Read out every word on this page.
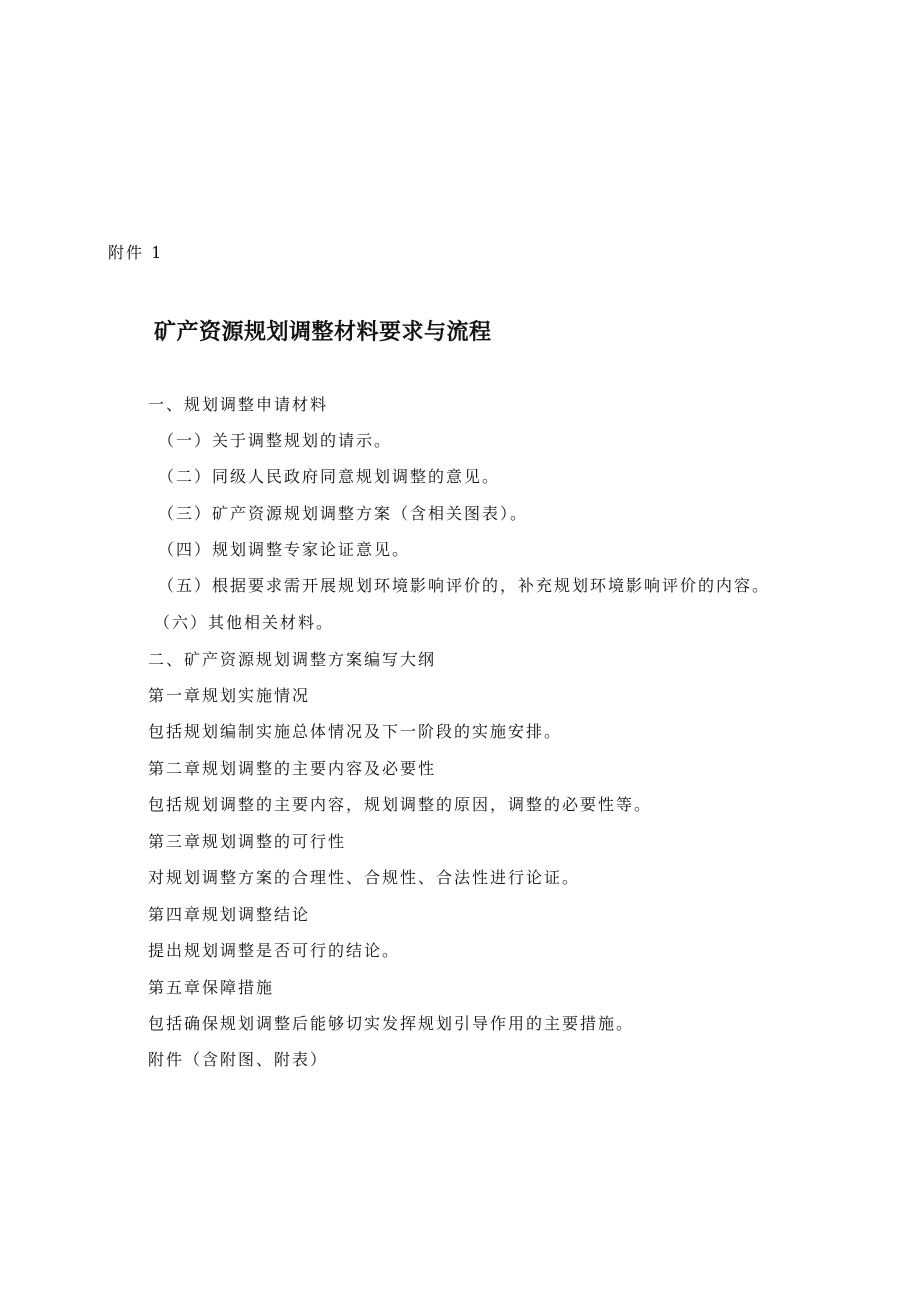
附件 1
矿产资源规划调整材料要求与流程
一、规划调整申请材料
（一）关于调整规划的请示。
（二）同级人民政府同意规划调整的意见。
（三）矿产资源规划调整方案（含相关图表）。
（四）规划调整专家论证意见。
（五）根据要求需开展规划环境影响评价的，补充规划环境影响评价的内容。
（六）其他相关材料。
二、矿产资源规划调整方案编写大纲
第一章规划实施情况
包括规划编制实施总体情况及下一阶段的实施安排。
第二章规划调整的主要内容及必要性
包括规划调整的主要内容，规划调整的原因，调整的必要性等。
第三章规划调整的可行性
对规划调整方案的合理性、合规性、合法性进行论证。
第四章规划调整结论
提出规划调整是否可行的结论。
第五章保障措施
包括确保规划调整后能够切实发挥规划引导作用的主要措施。
附件（含附图、附表）
